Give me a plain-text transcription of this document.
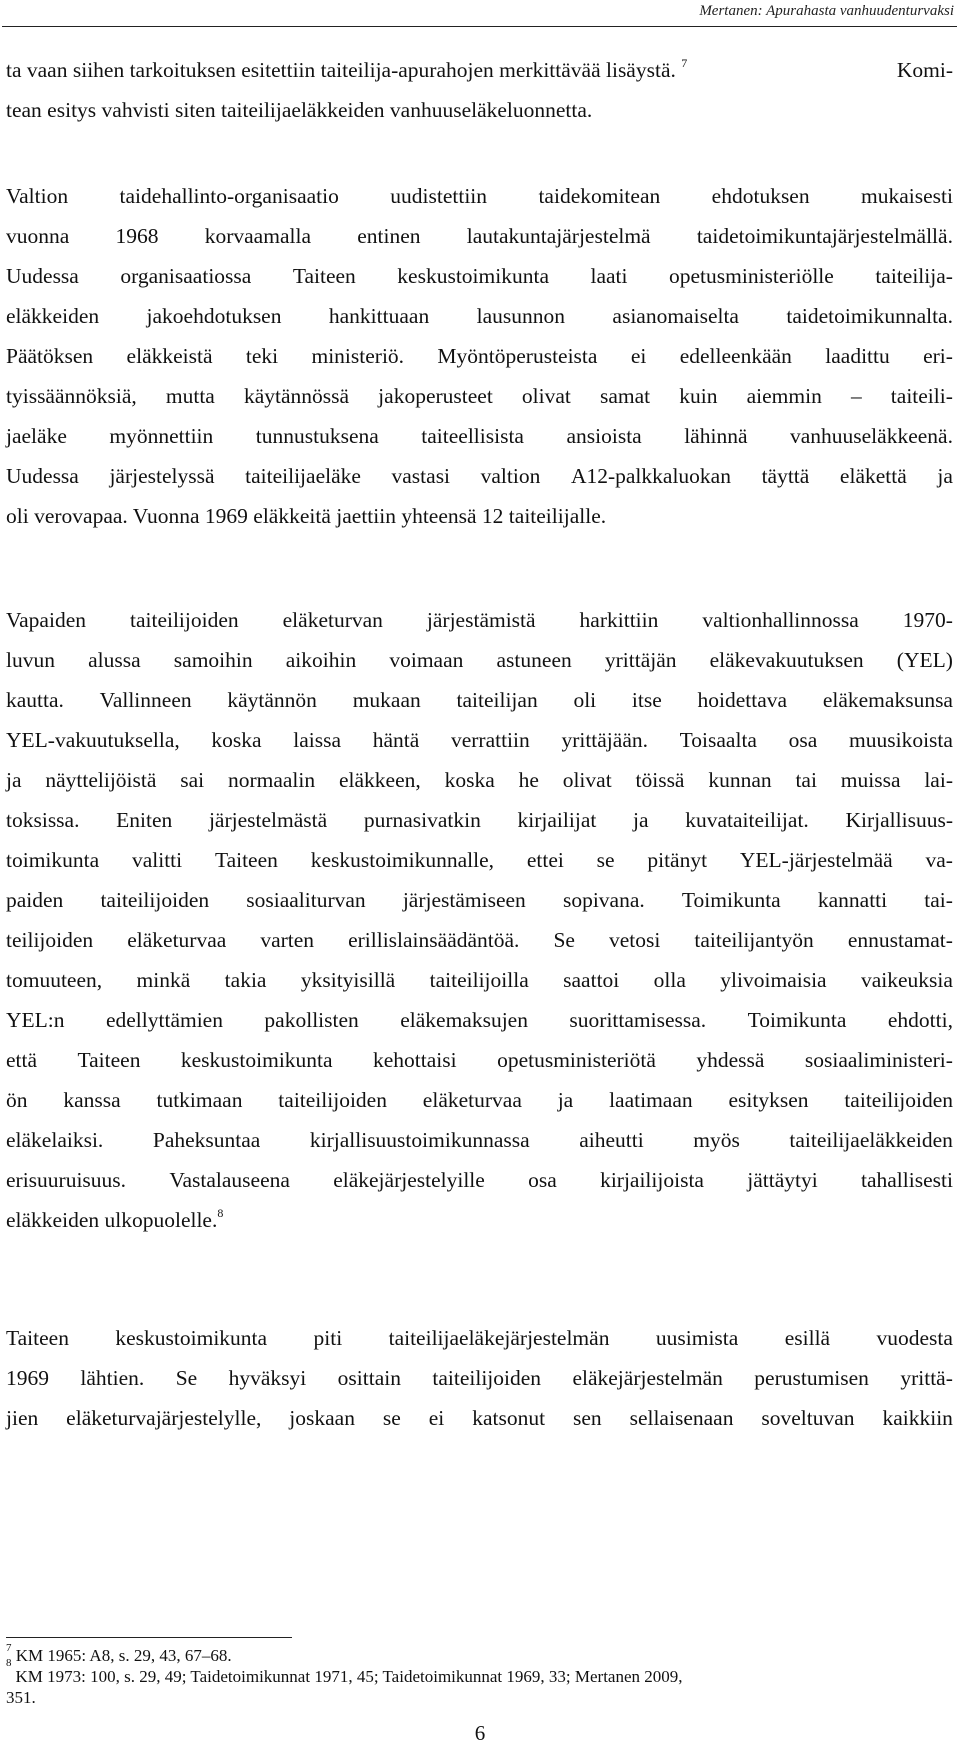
Mertanen: Apurahasta vanhuudenturvaksi
ta vaan siihen tarkoituksen esitettiin taiteilija-apurahojen merkittävää lisäystä. $^7$	Komi-
tean esitys vahvisti siten taiteilijaeläkkeiden vanhuuseläkeluonnetta.
Valtion taidehallinto-organisaatio uudistettiin taidekomitean ehdotuksen mukaisesti
vuonna 1968 korvaamalla entinen lautakuntajärjestelmä taidetoimikuntajärjestelmällä.
Uudessa organisaatiossa Taiteen keskustoimikunta laati opetusministeriölle taiteilija-
eläkkeiden jakoehdotuksen hankittuaan lausunnon asianomaiselta taidetoimikunnalta.
Päätöksen eläkkeistä teki ministeriö. Myöntöperusteista ei edelleenkään laadittu eri-
tyissäännöksiä, mutta käytännössä jakoperusteet olivat samat kuin aiemmin – taiteili-
jaeläke myönnettiin tunnustuksena taiteellisista ansioista lähinnä vanhuuseläkkeenä.
Uudessa järjestelyssä taiteilijaeläke vastasi valtion A12-palkkaluokan täyttä eläkettä ja
oli verovapaa. Vuonna 1969 eläkkeitä jaettiin yhteensä 12 taiteilijalle.
Vapaiden taiteilijoiden eläketurvan järjestämistä harkittiin valtionhallinnossa 1970-
luvun alussa samoihin aikoihin voimaan astuneen yrittäjän eläkevakuutuksen (YEL)
kautta. Vallinneen käytännön mukaan taiteilijan oli itse hoidettava eläkemaksunsa
YEL-vakuutuksella, koska laissa häntä verrattiin yrittäjään. Toisaalta osa muusikoista
ja näyttelijöistä sai normaalin eläkkeen, koska he olivat töissä kunnan tai muissa lai-
toksissa. Eniten järjestelmästä purnasivatkin kirjailijat ja kuvataiteilijat. Kirjallisuus-
toimikunta valitti Taiteen keskustoimikunnalle, ettei se pitänyt YEL-järjestelmää va-
paiden taiteilijoiden sosiaaliturvan järjestämiseen sopivana. Toimikunta kannatti tai-
teilijoiden eläketurvaa varten erillislainsäädäntöä. Se vetosi taiteilijantyön ennustamat-
tomuuteen, minkä takia yksityisillä taiteilijoilla saattoi olla ylivoimaisia vaikeuksia
YEL:n edellyttämien pakollisten eläkemaksujen suorittamisessa. Toimikunta ehdotti,
että Taiteen keskustoimikunta kehottaisi opetusministeriötä yhdessä sosiaaliministeri-
ön kanssa tutkimaan taiteilijoiden eläketurvaa ja laatimaan esityksen taiteilijoiden
eläkelaiksi. Paheksuntaa kirjallisuustoimikunnassa aiheutti myös taiteilijaeläkkeiden
erisuuruisuus. Vastalauseena eläkejärjestelyille osa kirjailijoista jättäytyi tahallisesti
eläkkeiden ulkopuolelle.$^8$
Taiteen keskustoimikunta piti taiteilijaeläkejärjestelmän uusimista esillä vuodesta
1969 lähtien. Se hyväksyi osittain taiteilijoiden eläkejärjestelmän perustumisen yrittä-
jien eläketurvajärjestelylle, joskaan se ei katsonut sen sellaisenaan soveltuvan kaikkiin
$^7$ KM 1965: A8, s. 29, 43, 67–68.
$^8$
KM 1973: 100, s. 29, 49; Taidetoimikunnat 1971, 45; Taidetoimikunnat 1969, 33; Mertanen 2009,
351.
6
